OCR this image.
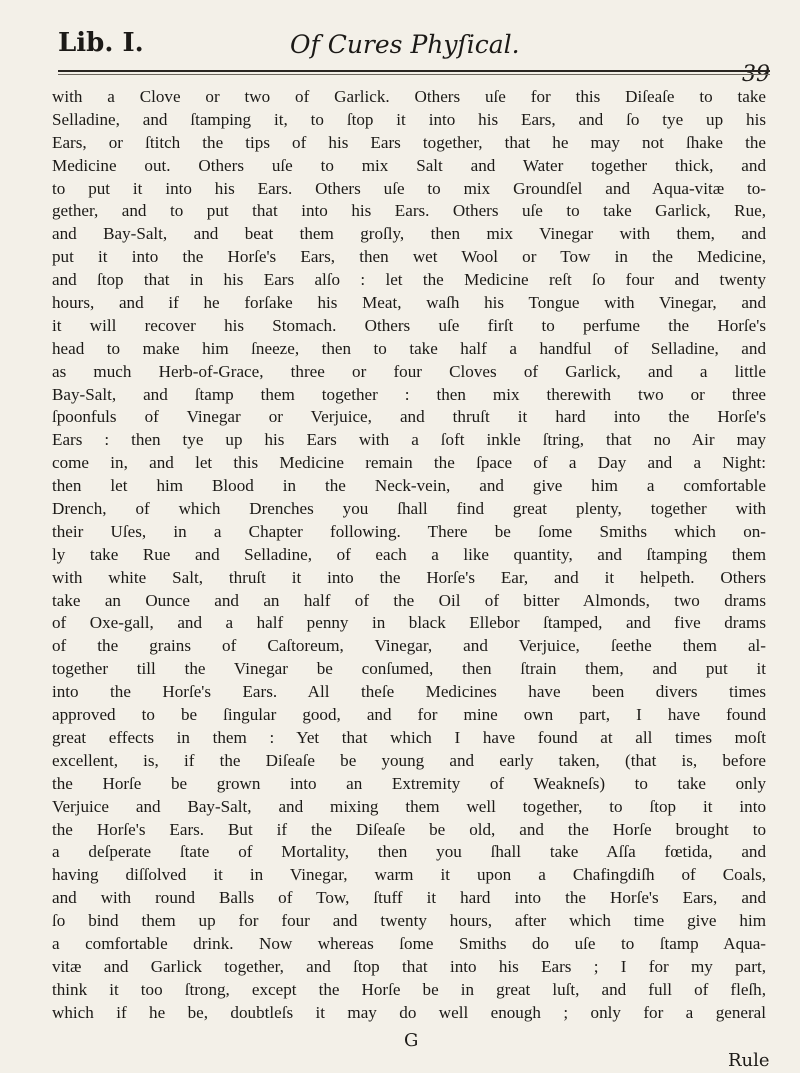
Lib. I.	Of Cures Phyſical.
with a Clove or two of Garlick. Others uſe for this Diſeaſe to take
Selladine, and ſtamping it, to ſtop it into his Ears, and ſo tye up his
Ears, or ſtitch the tips of his Ears together, that he may not ſhake the
Medicine out. Others uſe to mix Salt and Water together thick, and
to put it into his Ears. Others uſe to mix Groundſel and Aqua-vitæ to-
gether, and to put that into his Ears. Others uſe to take Garlick, Rue,
and Bay-Salt, and beat them groſly, then mix Vinegar with them, and
put it into the Horſe's Ears, then wet Wool or Tow in the Medicine,
and ſtop that in his Ears alſo : let the Medicine reſt ſo four and twenty
hours, and if he forſake his Meat, waſh his Tongue with Vinegar, and
it will recover his Stomach. Others uſe firſt to perfume the Horſe's
head to make him ſneeze, then to take half a handful of Selladine, and
as much Herb-of-Grace, three or four Cloves of Garlick, and a little
Bay-Salt, and ſtamp them together : then mix therewith two or three
ſpoonfuls of Vinegar or Verjuice, and thruſt it hard into the Horſe's
Ears : then tye up his Ears with a ſoft inkle ſtring, that no Air may
come in, and let this Medicine remain the ſpace of a Day and a Night:
then let him Blood in the Neck-vein, and give him a comfortable
Drench, of which Drenches you ſhall find great plenty, together with
their Uſes, in a Chapter following. There be ſome Smiths which on-
ly take Rue and Selladine, of each a like quantity, and ſtamping them
with white Salt, thruſt it into the Horſe's Ear, and it helpeth. Others
take an Ounce and an half of the Oil of bitter Almonds, two drams
of Oxe-gall, and a half penny in black Ellebor ſtamped, and five drams
of the grains of Caſtoreum, Vinegar, and Verjuice, ſeethe them al-
together till the Vinegar be conſumed, then ſtrain them, and put it
into the Horſe's Ears. All theſe Medicines have been divers times
approved to be ſingular good, and for mine own part, I have found
great effects in them : Yet that which I have found at all times moſt
excellent, is, if the Diſeaſe be young and early taken, (that is, before
the Horſe be grown into an Extremity of Weakneſs) to take only
Verjuice and Bay-Salt, and mixing them well together, to ſtop it into
the Horſe's Ears. But if the Diſeaſe be old, and the Horſe brought to
a deſperate ſtate of Mortality, then you ſhall take Aſſa fœtida, and
having diſſolved it in Vinegar, warm it upon a Chafingdiſh of Coals,
and with round Balls of Tow, ſtuff it hard into the Horſe's Ears, and
ſo bind them up for four and twenty hours, after which time give him
a comfortable drink. Now whereas ſome Smiths do uſe to ſtamp Aqua-
vitæ and Garlick together, and ſtop that into his Ears ; I for my part,
think it too ſtrong, except the Horſe be in great luſt, and full of fleſh,
which if he be, doubtleſs it may do well enough ; only for a general
G
Rule
